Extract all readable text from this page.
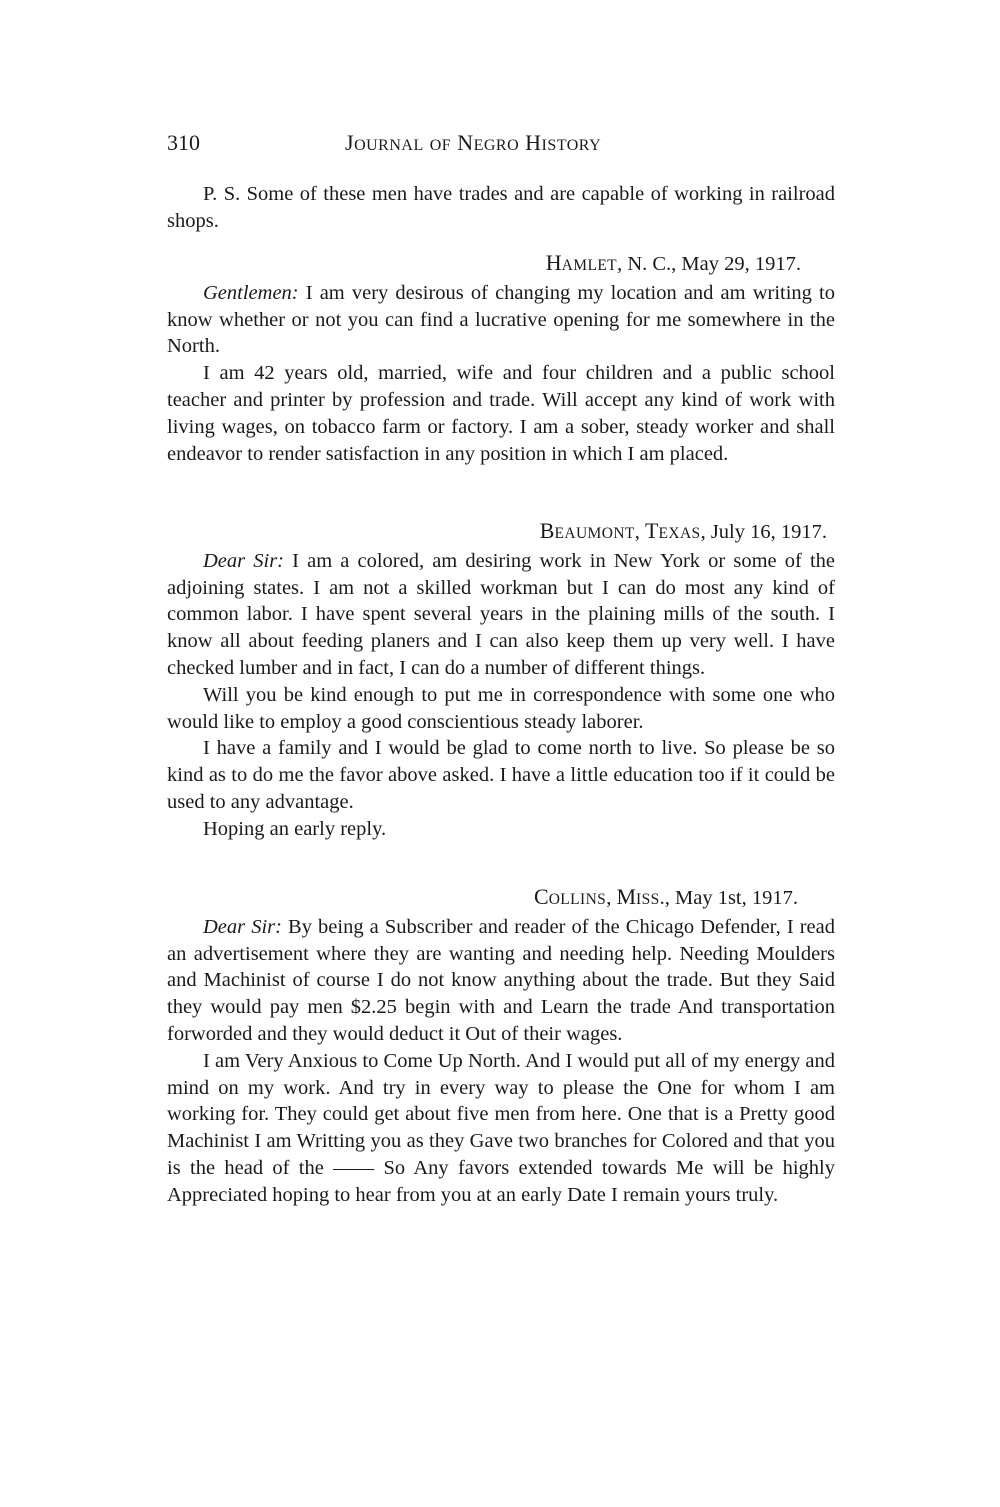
310	JOURNAL OF NEGRO HISTORY

P. S. Some of these men have trades and are capable of working in railroad shops.

HAMLET, N. C., May 29, 1917.

Gentlemen: I am very desirous of changing my location and am writing to know whether or not you can find a lucrative opening for me somewhere in the North.

I am 42 years old, married, wife and four children and a public school teacher and printer by profession and trade. Will accept any kind of work with living wages, on tobacco farm or factory. I am a sober, steady worker and shall endeavor to render satisfaction in any position in which I am placed.

BEAUMONT, TEXAS, July 16, 1917.

Dear Sir: I am a colored, am desiring work in New York or some of the adjoining states. I am not a skilled workman but I can do most any kind of common labor. I have spent several years in the plaining mills of the south. I know all about feeding planers and I can also keep them up very well. I have checked lumber and in fact, I can do a number of different things.

Will you be kind enough to put me in correspondence with some one who would like to employ a good conscientious steady laborer.

I have a family and I would be glad to come north to live. So please be so kind as to do me the favor above asked. I have a little education too if it could be used to any advantage.

Hoping an early reply.

COLLINS, MISS., May 1st, 1917.

Dear Sir: By being a Subscriber and reader of the Chicago Defender, I read an advertisement where they are wanting and needing help. Needing Moulders and Machinist of course I do not know anything about the trade. But they Said they would pay men $2.25 begin with and Learn the trade And transportation forworded and they would deduct it Out of their wages.

I am Very Anxious to Come Up North. And I would put all of my energy and mind on my work. And try in every way to please the One for whom I am working for. They could get about five men from here. One that is a Pretty good Machinist I am Writting you as they Gave two branches for Colored and that you is the head of the —— So Any favors extended towards Me will be highly Appreciated hoping to hear from you at an early Date I remain yours truly.
